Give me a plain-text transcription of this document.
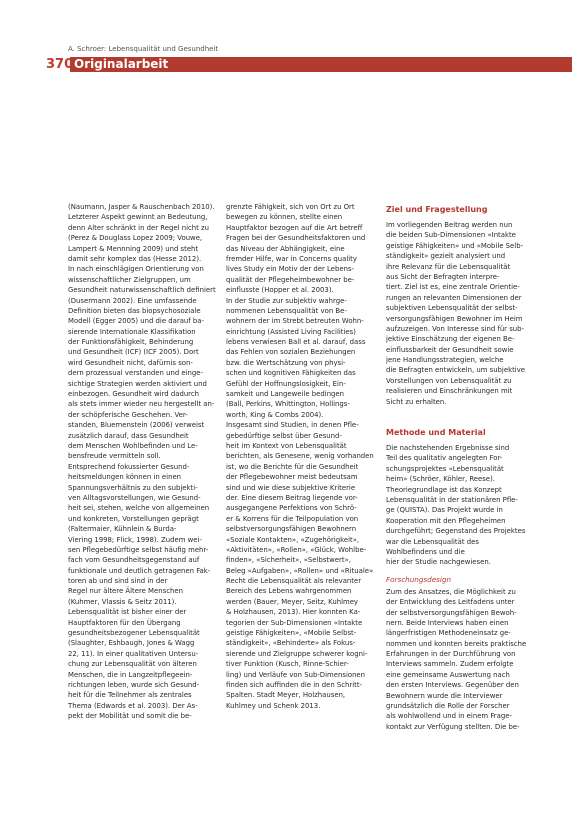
A. Schroer: Lebensqualität und Gesundheit
370 Originalarbeit
(Naumann, Jasper & Rauschenbach 2010).
Letzterer Aspekt gewinnt an Bedeutung,
denn Alter schränkt in der Regel nicht zu
(Perez & Douglass Lopez 2009; Vouwe,
Lampert & Mennning 2009) und steht
damit sehr komplex das (Hesse 2012).
In nach einschlägigen Orientierung von
wissenschaftlicher Zielgruppen, um
Gesundheit naturwissenschaftlich definiert
(Dusermann 2002). Eine umfassende
Definition bieten das biopsychosoziale
Modell (Egger 2005) und die darauf ba-
sierende Internationale Klassifikation
der Funktionsfähigkeit, Behinderung
und Gesundheit (ICF) (ICF 2005). Dort
wird Gesundheit nicht, dafürnis son-
dern prozessual verstanden und einge-
sichtige Strategien werden aktiviert und
einbezogen. Gesundheit wird dadurch
als stets immer wieder neu hergestellt an-
der schöpferische Geschehen. Ver-
standen, Bluemenstein (2006) verweist
zusätzlich darauf, dass Gesundheit
dem Menschen Wohlbefinden und Le-
bensfreude vermitteln soll.
Entsprechend fokussierter Gesund-
heitsmeldungen können in einen
Spannungsverhältnis zu den subjekti-
ven Alltagsvorstellungen, wie Gesund-
heit sei, stehen, welche von allgemeinen
und konkreten, Vorstellungen geprägt
(Faltermaier, Kühnlein & Burda-
Viering 1998; Flick, 1998). Zudem wei-
sen Pflegebedürftige selbst häufig mehr-
fach vom Gesundheitsgegenstand auf
funktionale und deutlich getragenen Fak-
toren ab und sind sind in der
Regel nur ältere Ältere Menschen
(Kuhmer, Vlassis & Seitz 2011).
Lebensqualität ist bisher einer der
Hauptfaktoren für den Übergang
gesundheitsbezogener Lebensqualität
(Slaughter, Eshbaugh, Jones & Wagg
22, 11). In einer qualitativen Untersu-
chung zur Lebensqualität von älteren
Menschen, die in Langzeitpflegeein-
richtungen leben, wurde sich Gesund-
heit für die Teilnehmer als zentrales
Thema (Edwards et al. 2003). Der As-
pekt der Mobilität und somit die be-
grenzte Fähigkeit, sich von Ort zu Ort
bewegen zu können, stellte einen
Hauptfaktor bezogen auf die Art betreff
Fragen bei der Gesundheitsfaktoren und
das Niveau der Abhängigkeit, eine
fremder Hilfe, war in Concerns quality
lives Study ein Motiv der der Lebens-
qualität der Pflegeheimbewohner be-
einflusste (Hopper et al. 2003).
In der Studie zur subjektiv wahrge-
nommenen Lebensqualität von Be-
wohnern der im Strebt betreuten Wohn-
einrichtung (Assisted Living Facilities)
lebens verwiesen Ball et al. darauf, dass
das Fehlen von sozialen Beziehungen
bzw. die Wertschätzung von physi-
schen und kognitiven Fähigkeiten das
Gefühl der Hoffnungslosigkeit, Ein-
samkeit und Langeweile bedingen
(Ball, Perkins, Whittington, Hollings-
worth, King & Combs 2004).
Insgesamt sind Studien, in denen Pfle-
gebedürftige selbst über Gesund-
heit im Kontext von Lebensqualität
berichten, als Genesene, wenig vorhanden
ist, wo die Berichte für die Gesundheit
der Pflegebewohner meist bedeutsam
sind und wie diese subjektive Kriterie
der. Eine diesem Beitrag liegende vor-
ausgegangene Perfektions von Schrö-
er & Korrens für die Teilpopulation von
selbstversorgungsfähigen Bewohnern
«Soziale Kontakten», «Zugehörigkeit»,
«Aktivitäten», «Rollen», «Glück, Wohlbe-
finden», «Sicherheit», «Selbstwert»,
Beleg «Aufgaben», «Rollen» und «Rituale»
Recht die Lebensqualität als relevanter
Bereich des Lebens wahrgenommen
werden (Bauer, Meyer, Seitz, Kuhlmey
& Holzhausen, 2013). Hier konnten Ka-
tegorien der Sub-Dimensionen «Intakte
geistige Fähigkeiten», «Mobile Selbst-
ständigkeit», «Behinderte» als Fokus-
sierende und Zielgruppe schwerer kogni-
tiver Funktion (Kusch, Rinne-Schier-
ling) und Verläufe von Sub-Dimensionen
finden sich auffinden die in den Schritt-
Spalten. Stadt Meyer, Holzhausen,
Kuhlmey und Schenk 2013.
Ziel und Fragestellung
Im vorliegenden Beitrag werden nun
die beiden Sub-Dimensionen «Intakte
geistige Fähigkeiten» und «Mobile Selb-
ständigkeit» gezielt analysiert und
ihre Relevanz für die Lebensqualität
aus Sicht der Befragten interpre-
tiert. Ziel ist es, eine zentrale Orientie-
rungen an relevanten Dimensionen der
subjektiven Lebensqualität der selbst-
versorgungsfähigen Bewohner im Heim
aufzuzeigen. Von Interesse sind für sub-
jektive Einschätzung der eigenen Be-
einflussbarkeit der Gesundheit sowie
jene Handlungsstrategien, welche
die Befragten entwickeln, um subjektive
Vorstellungen von Lebensqualität zu
realisieren und Einschränkungen mit
Sicht zu erhalten.
Methode und Material
Die nachstehenden Ergebnisse sind
Teil des qualitativ angelegten For-
schungsprojektes «Lebensqualität
heim» (Schröer, Köhler, Reese).
Theoriegrundlage ist das Konzept
Lebensqualität in der stationären Pfle-
ge (QUISTA). Das Projekt wurde in
Kooperation mit den Pflegeheimen
durchgeführt; Gegenstand des Projektes
war die Lebensqualität des
Wohlbefindens und die
hier der Studie nachgewiesen.
Forschungsdesign
Zum des Ansatzes, die Möglichkeit zu
der Entwicklung des Leitfadens unter
der selbstversorgungsfähigen Bewoh-
nern. Beide Interviews haben einen
längerfristigen Methodeneinsatz ge-
nommen und konnten bereits praktische
Erfahrungen in der Durchführung von
Interviews sammeln. Zudem erfolgte
eine gemeinsame Auswertung nach
den ersten Interviews. Gegenüber den
Bewohnern wurde die Interviewer
grundsätzlich die Rolle der Forscher
als wohlwollend und in einem Frage-
kontakt zur Verfügung stellten. Die be-
